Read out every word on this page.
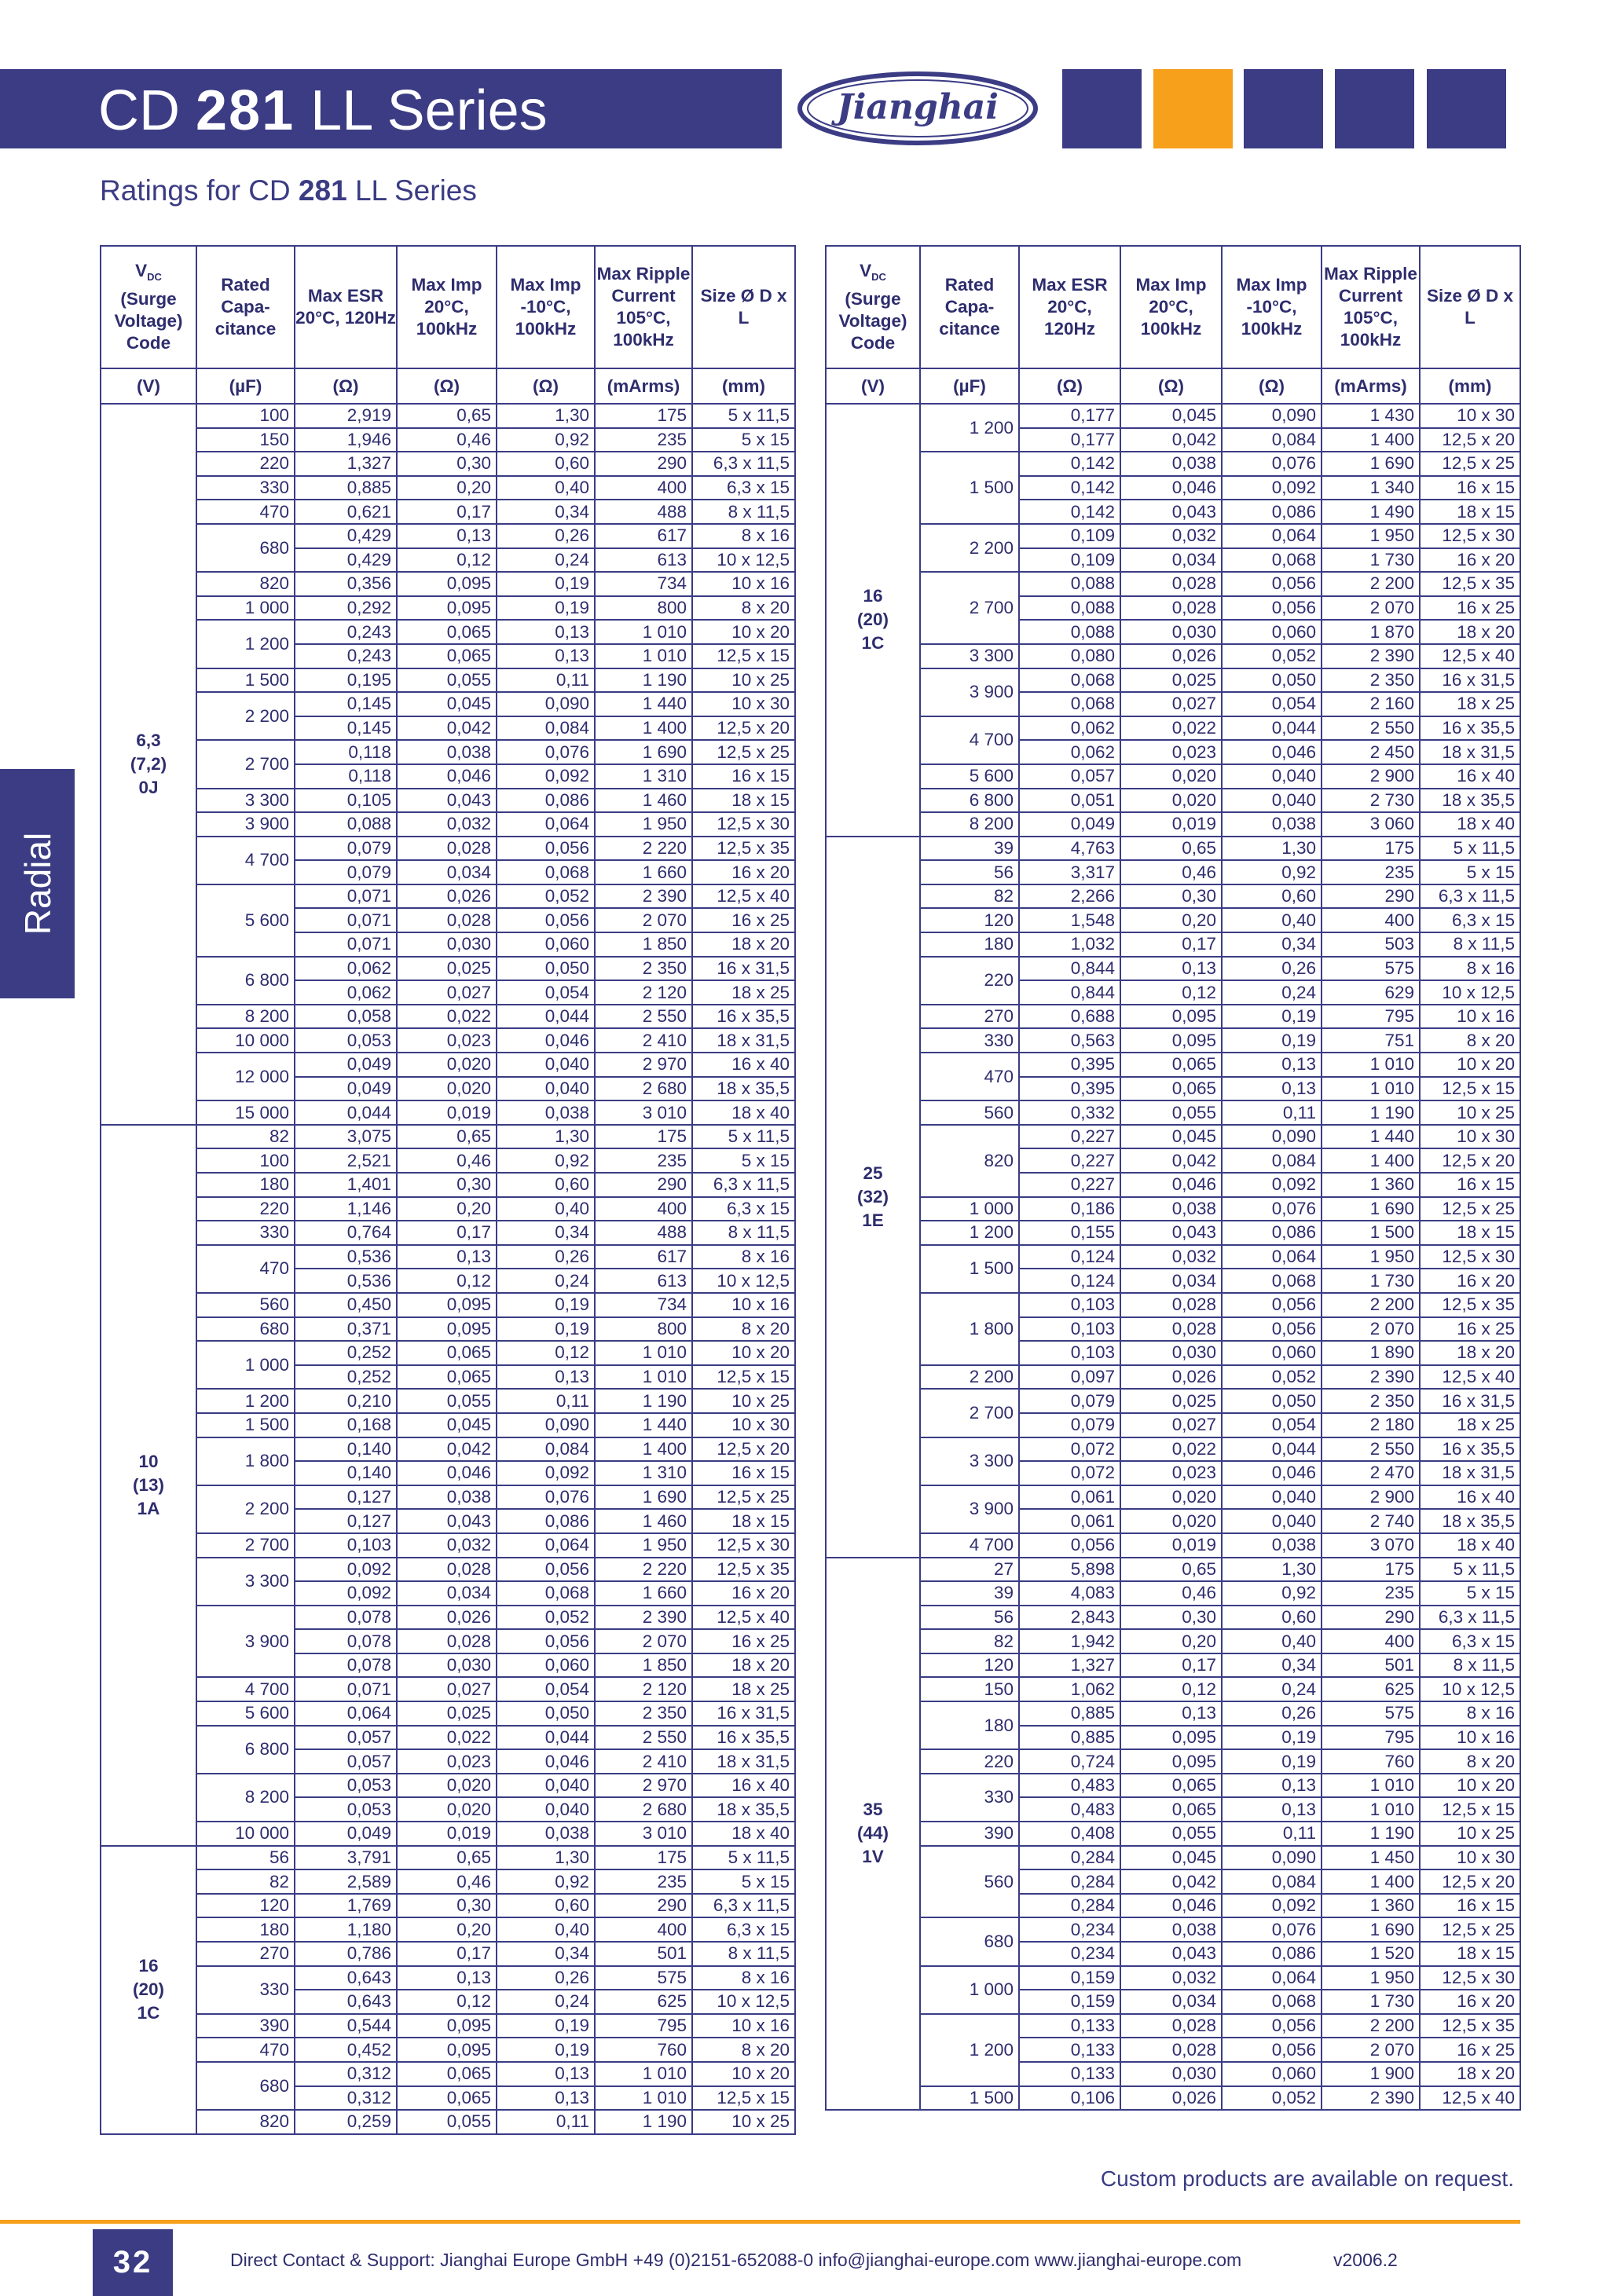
CD 281 LL Series	Jianghai
Ratings for CD 281 LL Series
Radial
$V_{DC}$
(Surge Voltage) Code	Rated Capa- citance	Max ESR 20°C, 120Hz	Max Imp 20°C, 100kHz	Max Imp -10°C, 100kHz	Max Ripple Current 105°C, 100kHz	Size Ø D x L
(V)	(µF)	(Ω)	(Ω)	(Ω)	(mArms)	(mm)
6,3
(7,2)
0J	100	2,919	0,65	1,30	175	5 x 11,5
	150	1,946	0,46	0,92	235	5 x 15
	220	1,327	0,30	0,60	290	6,3 x 11,5
	330	0,885	0,20	0,40	400	6,3 x 15
	470	0,621	0,17	0,34	488	8 x 11,5
	680	0,429	0,13	0,26	617	8 x 16
		0,429	0,12	0,24	613	10 x 12,5
	820	0,356	0,095	0,19	734	10 x 16
	1 000	0,292	0,095	0,19	800	8 x 20
	1 200	0,243	0,065	0,13	1 010	10 x 20
		0,243	0,065	0,13	1 010	12,5 x 15
	1 500	0,195	0,055	0,11	1 190	10 x 25
	2 200	0,145	0,045	0,090	1 440	10 x 30
		0,145	0,042	0,084	1 400	12,5 x 20
	2 700	0,118	0,038	0,076	1 690	12,5 x 25
		0,118	0,046	0,092	1 310	16 x 15
	3 300	0,105	0,043	0,086	1 460	18 x 15
	3 900	0,088	0,032	0,064	1 950	12,5 x 30
	4 700	0,079	0,028	0,056	2 220	12,5 x 35
		0,079	0,034	0,068	1 660	16 x 20
	5 600	0,071	0,026	0,052	2 390	12,5 x 40
		0,071	0,028	0,056	2 070	16 x 25
		0,071	0,030	0,060	1 850	18 x 20
	6 800	0,062	0,025	0,050	2 350	16 x 31,5
		0,062	0,027	0,054	2 120	18 x 25
	8 200	0,058	0,022	0,044	2 550	16 x 35,5
	10 000	0,053	0,023	0,046	2 410	18 x 31,5
	12 000	0,049	0,020	0,040	2 970	16 x 40
		0,049	0,020	0,040	2 680	18 x 35,5
	15 000	0,044	0,019	0,038	3 010	18 x 40
10
(13)
1A	82	3,075	0,65	1,30	175	5 x 11,5
	100	2,521	0,46	0,92	235	5 x 15
	180	1,401	0,30	0,60	290	6,3 x 11,5
	220	1,146	0,20	0,40	400	6,3 x 15
	330	0,764	0,17	0,34	488	8 x 11,5
	470	0,536	0,13	0,26	617	8 x 16
		0,536	0,12	0,24	613	10 x 12,5
	560	0,450	0,095	0,19	734	10 x 16
	680	0,371	0,095	0,19	800	8 x 20
	1 000	0,252	0,065	0,12	1 010	10 x 20
		0,252	0,065	0,13	1 010	12,5 x 15
	1 200	0,210	0,055	0,11	1 190	10 x 25
	1 500	0,168	0,045	0,090	1 440	10 x 30
	1 800	0,140	0,042	0,084	1 400	12,5 x 20
		0,140	0,046	0,092	1 310	16 x 15
	2 200	0,127	0,038	0,076	1 690	12,5 x 25
		0,127	0,043	0,086	1 460	18 x 15
	2 700	0,103	0,032	0,064	1 950	12,5 x 30
	3 300	0,092	0,028	0,056	2 220	12,5 x 35
		0,092	0,034	0,068	1 660	16 x 20
	3 900	0,078	0,026	0,052	2 390	12,5 x 40
		0,078	0,028	0,056	2 070	16 x 25
		0,078	0,030	0,060	1 850	18 x 20
	4 700	0,071	0,027	0,054	2 120	18 x 25
	5 600	0,064	0,025	0,050	2 350	16 x 31,5
	6 800	0,057	0,022	0,044	2 550	16 x 35,5
		0,057	0,023	0,046	2 410	18 x 31,5
	8 200	0,053	0,020	0,040	2 970	16 x 40
		0,053	0,020	0,040	2 680	18 x 35,5
	10 000	0,049	0,019	0,038	3 010	18 x 40
16
(20)
1C	56	3,791	0,65	1,30	175	5 x 11,5
	82	2,589	0,46	0,92	235	5 x 15
	120	1,769	0,30	0,60	290	6,3 x 11,5
	180	1,180	0,20	0,40	400	6,3 x 15
	270	0,786	0,17	0,34	501	8 x 11,5
	330	0,643	0,13	0,26	575	8 x 16
		0,643	0,12	0,24	625	10 x 12,5
	390	0,544	0,095	0,19	795	10 x 16
	470	0,452	0,095	0,19	760	8 x 20
	680	0,312	0,065	0,13	1 010	10 x 20
		0,312	0,065	0,13	1 010	12,5 x 15
	820	0,259	0,055	0,11	1 190	10 x 25
$V_{DC}$
(Surge Voltage) Code	Rated Capa- citance	Max ESR 20°C, 120Hz	Max Imp 20°C, 100kHz	Max Imp -10°C, 100kHz	Max Ripple Current 105°C, 100kHz	Size Ø D x L
(V)	(µF)	(Ω)	(Ω)	(Ω)	(mArms)	(mm)
16
(20)
1C	1 200	0,177	0,045	0,090	1 430	10 x 30
		0,177	0,042	0,084	1 400	12,5 x 20
	1 500	0,142	0,038	0,076	1 690	12,5 x 25
		0,142	0,046	0,092	1 340	16 x 15
		0,142	0,043	0,086	1 490	18 x 15
	2 200	0,109	0,032	0,064	1 950	12,5 x 30
		0,109	0,034	0,068	1 730	16 x 20
	2 700	0,088	0,028	0,056	2 200	12,5 x 35
		0,088	0,028	0,056	2 070	16 x 25
		0,088	0,030	0,060	1 870	18 x 20
	3 300	0,080	0,026	0,052	2 390	12,5 x 40
	3 900	0,068	0,025	0,050	2 350	16 x 31,5
		0,068	0,027	0,054	2 160	18 x 25
	4 700	0,062	0,022	0,044	2 550	16 x 35,5
		0,062	0,023	0,046	2 450	18 x 31,5
	5 600	0,057	0,020	0,040	2 900	16 x 40
	6 800	0,051	0,020	0,040	2 730	18 x 35,5
	8 200	0,049	0,019	0,038	3 060	18 x 40
25
(32)
1E	39	4,763	0,65	1,30	175	5 x 11,5
	56	3,317	0,46	0,92	235	5 x 15
	82	2,266	0,30	0,60	290	6,3 x 11,5
	120	1,548	0,20	0,40	400	6,3 x 15
	180	1,032	0,17	0,34	503	8 x 11,5
	220	0,844	0,13	0,26	575	8 x 16
		0,844	0,12	0,24	629	10 x 12,5
	270	0,688	0,095	0,19	795	10 x 16
	330	0,563	0,095	0,19	751	8 x 20
	470	0,395	0,065	0,13	1 010	10 x 20
		0,395	0,065	0,13	1 010	12,5 x 15
	560	0,332	0,055	0,11	1 190	10 x 25
	820	0,227	0,045	0,090	1 440	10 x 30
		0,227	0,042	0,084	1 400	12,5 x 20
		0,227	0,046	0,092	1 360	16 x 15
	1 000	0,186	0,038	0,076	1 690	12,5 x 25
	1 200	0,155	0,043	0,086	1 500	18 x 15
	1 500	0,124	0,032	0,064	1 950	12,5 x 30
		0,124	0,034	0,068	1 730	16 x 20
	1 800	0,103	0,028	0,056	2 200	12,5 x 35
		0,103	0,028	0,056	2 070	16 x 25
		0,103	0,030	0,060	1 890	18 x 20
	2 200	0,097	0,026	0,052	2 390	12,5 x 40
	2 700	0,079	0,025	0,050	2 350	16 x 31,5
		0,079	0,027	0,054	2 180	18 x 25
	3 300	0,072	0,022	0,044	2 550	16 x 35,5
		0,072	0,023	0,046	2 470	18 x 31,5
	3 900	0,061	0,020	0,040	2 900	16 x 40
		0,061	0,020	0,040	2 740	18 x 35,5
	4 700	0,056	0,019	0,038	3 070	18 x 40
35
(44)
1V	27	5,898	0,65	1,30	175	5 x 11,5
	39	4,083	0,46	0,92	235	5 x 15
	56	2,843	0,30	0,60	290	6,3 x 11,5
	82	1,942	0,20	0,40	400	6,3 x 15
	120	1,327	0,17	0,34	501	8 x 11,5
	150	1,062	0,12	0,24	625	10 x 12,5
	180	0,885	0,13	0,26	575	8 x 16
		0,885	0,095	0,19	795	10 x 16
	220	0,724	0,095	0,19	760	8 x 20
	330	0,483	0,065	0,13	1 010	10 x 20
		0,483	0,065	0,13	1 010	12,5 x 15
	390	0,408	0,055	0,11	1 190	10 x 25
	560	0,284	0,045	0,090	1 450	10 x 30
		0,284	0,042	0,084	1 400	12,5 x 20
		0,284	0,046	0,092	1 360	16 x 15
	680	0,234	0,038	0,076	1 690	12,5 x 25
		0,234	0,043	0,086	1 520	18 x 15
	1 000	0,159	0,032	0,064	1 950	12,5 x 30
		0,159	0,034	0,068	1 730	16 x 20
	1 200	0,133	0,028	0,056	2 200	12,5 x 35
		0,133	0,028	0,056	2 070	16 x 25
		0,133	0,030	0,060	1 900	18 x 20
	1 500	0,106	0,026	0,052	2 390	12,5 x 40
Custom products are available on request.
32	Direct Contact & Support: Jianghai Europe GmbH +49 (0)2151-652088-0 info@jianghai-europe.com www.jianghai-europe.com	v2006.2
